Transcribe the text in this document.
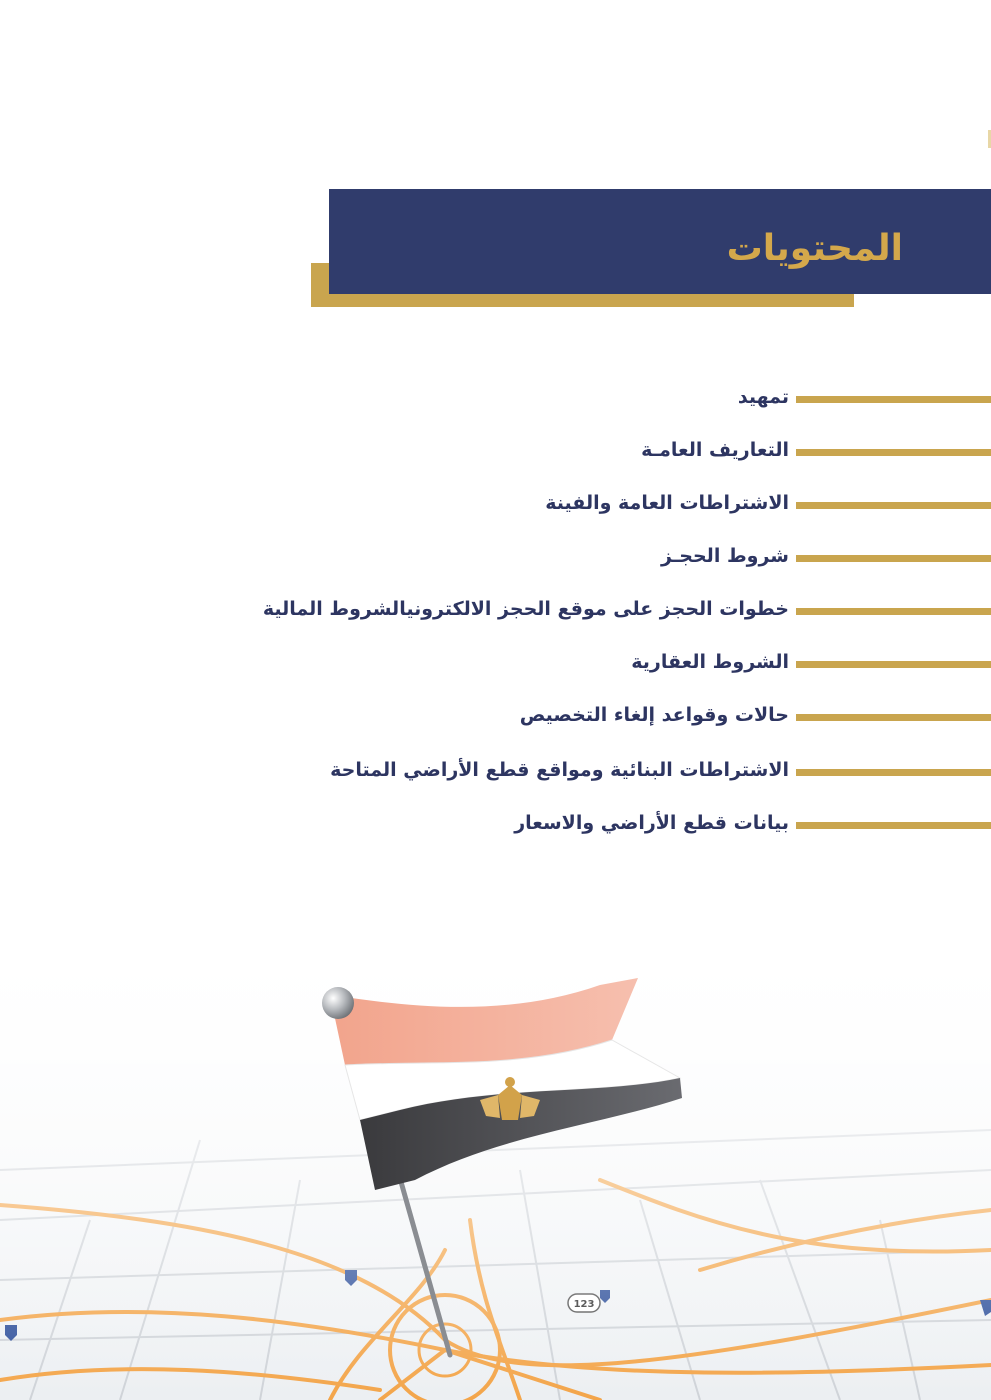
المحتويات
تمهيد
التعاريف العامـة
الاشتراطات العامة والفينة
شروط الحجـز
خطوات الحجز على موقع الحجز الالكترونيالشروط المالية
الشروط العقارية
حالات وقواعد إلغاء التخصيص
الاشتراطات البنائية ومواقع قطع الأراضي المتاحة
بيانات قطع الأراضي والاسعار
